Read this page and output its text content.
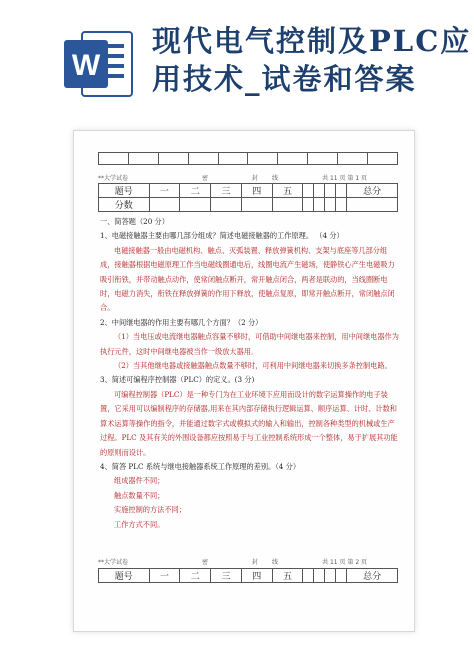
W
现代电气控制及PLC应用技术_试卷和答案

**大学试卷	密	封 线	共 11 页 第 1 页
题号	一	二	三	四	五					总分
分数										

一、简答题（20 分）

1、电磁接触器主要由哪几部分组成？简述电磁接触器的工作原理。 （4 分）

电磁接触器一般由电磁机构、触点、灭弧装置、释放弹簧机构、支架与底座等几部分组成，接触器根据电磁原理工作当电磁线圈通电后，线圈电流产生磁场，使静铁心产生电磁吸力吸引衔铁，并带动触点动作，使常闭触点断开，常开触点闭合，两者是联动的，当线圈断电时，电磁力消失，衔铁在释放弹簧的作用下释放，使触点复原，即常开触点断开，常闭触点闭合。

2、中间继电器的作用主要有哪几个方面？（2 分）

（1）当电压或电流继电器触点容量不够时，可借助中间继电器来控制，用中间继电器作为执行元件，这时中间继电器被当作一级放大器用．

（2）当其他继电器或接触器触点数量不够时，可利用中间继电器来切换多条控制电路。

3、简述可编程序控制器（PLC）的定义。(3 分)

可编程控制器（PLC）是一种专门为在工业环境下应用而设计的数字运算操作的电子装置，它采用可以编制程序的存储器,用来在其内部存储执行逻辑运算、顺序运算、计时、计数和算术运算等操作的指令，并能通过数字式或模拟式的输入和输出，控制各种类型的机械或生产过程。PLC 及其有关的外围设备都应按照易于与工业控制系统形成一个整体，易于扩展其功能的原则而设计。

4、简答 PLC 系统与继电接触器系统工作原理的差别。（4 分）

组成器件不同；

触点数量不同；

实施控制的方法不同；

工作方式不同。

**大学试卷	密	封 线	共 11 页 第 2 页
题号	一	二	三	四	五					总分
